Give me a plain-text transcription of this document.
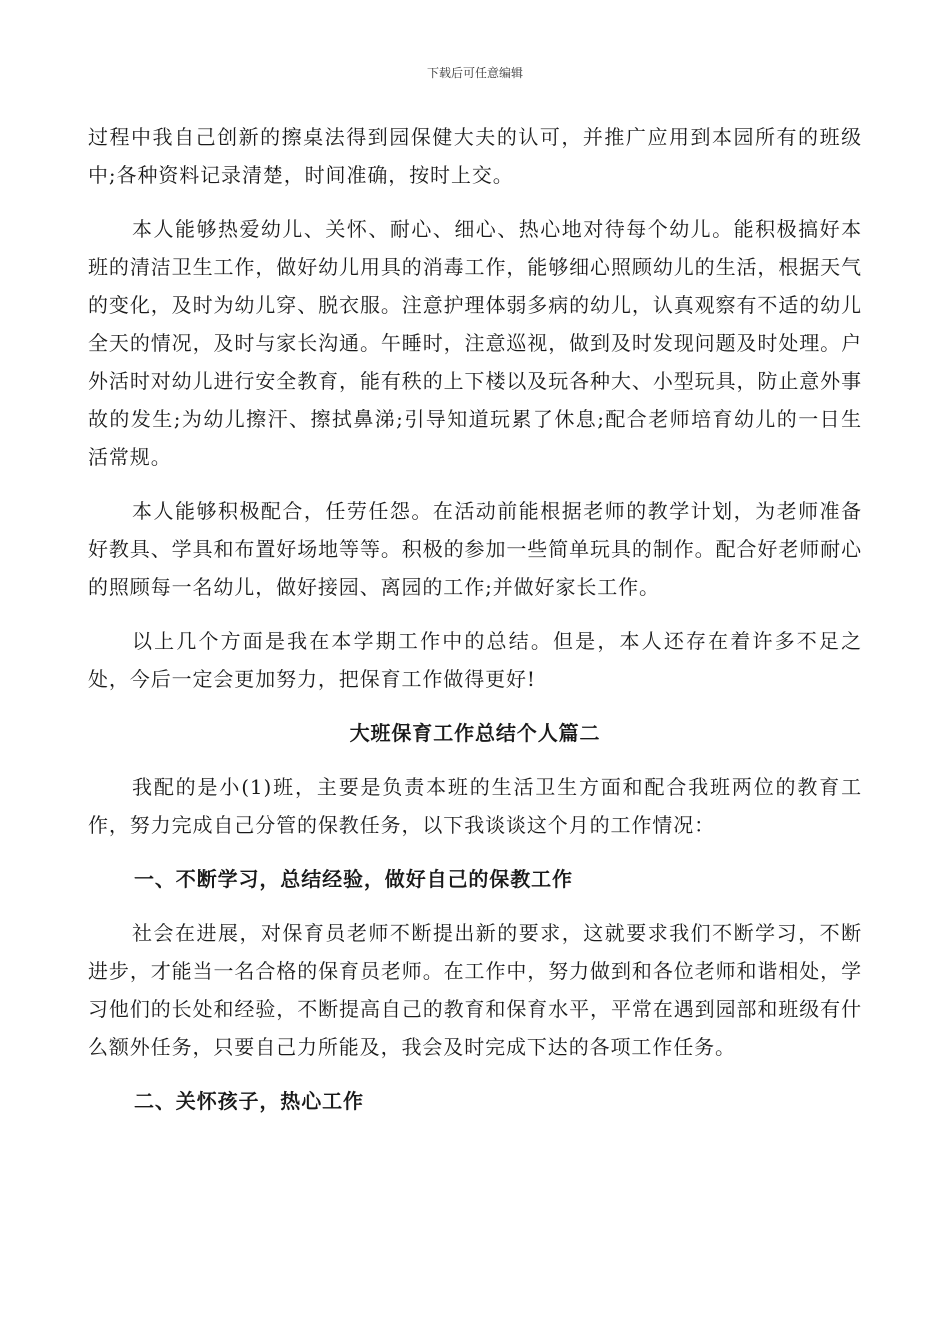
下载后可任意编辑

过程中我自己创新的擦桌法得到园保健大夫的认可，并推广应用到本园所有的班级中;各种资料记录清楚，时间准确，按时上交。

本人能够热爱幼儿、关怀、耐心、细心、热心地对待每个幼儿。能积极搞好本班的清洁卫生工作，做好幼儿用具的消毒工作，能够细心照顾幼儿的生活，根据天气的变化，及时为幼儿穿、脱衣服。注意护理体弱多病的幼儿，认真观察有不适的幼儿全天的情况，及时与家长沟通。午睡时，注意巡视，做到及时发现问题及时处理。户外活时对幼儿进行安全教育，能有秩的上下楼以及玩各种大、小型玩具，防止意外事故的发生;为幼儿擦汗、擦拭鼻涕;引导知道玩累了休息;配合老师培育幼儿的一日生活常规。

本人能够积极配合，任劳任怨。在活动前能根据老师的教学计划，为老师准备好教具、学具和布置好场地等等。积极的参加一些简单玩具的制作。配合好老师耐心的照顾每一名幼儿，做好接园、离园的工作;并做好家长工作。

以上几个方面是我在本学期工作中的总结。但是，本人还存在着许多不足之处，今后一定会更加努力，把保育工作做得更好!

大班保育工作总结个人篇二

我配的是小(1)班，主要是负责本班的生活卫生方面和配合我班两位的教育工作，努力完成自己分管的保教任务，以下我谈谈这个月的工作情况：

一、不断学习，总结经验，做好自己的保教工作

社会在进展，对保育员老师不断提出新的要求，这就要求我们不断学习，不断进步，才能当一名合格的保育员老师。在工作中，努力做到和各位老师和谐相处，学习他们的长处和经验，不断提高自己的教育和保育水平，平常在遇到园部和班级有什么额外任务，只要自己力所能及，我会及时完成下达的各项工作任务。

二、关怀孩子，热心工作
